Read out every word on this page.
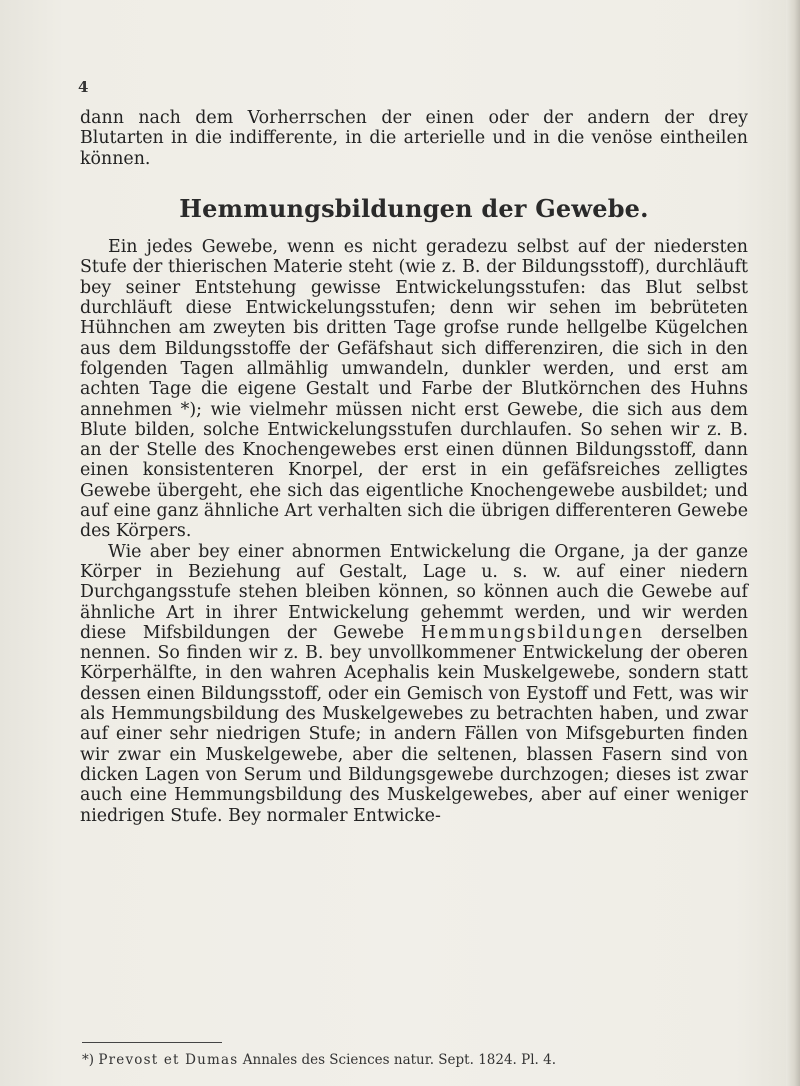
4

dann nach dem Vorherrschen der einen oder der andern der drey Blutarten in die indifferente, in die arterielle und in die venöse eintheilen können.

Hemmungsbildungen der Gewebe.

Ein jedes Gewebe, wenn es nicht geradezu selbst auf der niedersten Stufe der thierischen Materie steht (wie z. B. der Bildungsstoff), durchläuft bey seiner Entstehung gewisse Entwickelungsstufen: das Blut selbst durchläuft diese Entwickelungsstufen; denn wir sehen im bebrüteten Hühnchen am zweyten bis dritten Tage grofse runde hellgelbe Kügelchen aus dem Bildungsstoffe der Gefäfshaut sich differenziren, die sich in den folgenden Tagen allmählig umwandeln, dunkler werden, und erst am achten Tage die eigene Gestalt und Farbe der Blutkörnchen des Huhns annehmen *); wie vielmehr müssen nicht erst Gewebe, die sich aus dem Blute bilden, solche Entwickelungsstufen durchlaufen. So sehen wir z. B. an der Stelle des Knochengewebes erst einen dünnen Bildungsstoff, dann einen konsistenteren Knorpel, der erst in ein gefäfsreiches zelligtes Gewebe übergeht, ehe sich das eigentliche Knochengewebe ausbildet; und auf eine ganz ähnliche Art verhalten sich die übrigen differenteren Gewebe des Körpers.

Wie aber bey einer abnormen Entwickelung die Organe, ja der ganze Körper in Beziehung auf Gestalt, Lage u. s. w. auf einer niedern Durchgangsstufe stehen bleiben können, so können auch die Gewebe auf ähnliche Art in ihrer Entwickelung gehemmt werden, und wir werden diese Mifsbildungen der Gewebe Hemmungsbildungen derselben nennen. So finden wir z. B. bey unvollkommener Entwickelung der oberen Körperhälfte, in den wahren Acephalis kein Muskelgewebe, sondern statt dessen einen Bildungsstoff, oder ein Gemisch von Eystoff und Fett, was wir als Hemmungsbildung des Muskelgewebes zu betrachten haben, und zwar auf einer sehr niedrigen Stufe; in andern Fällen von Mifsgeburten finden wir zwar ein Muskelgewebe, aber die seltenen, blassen Fasern sind von dicken Lagen von Serum und Bildungsgewebe durchzogen; dieses ist zwar auch eine Hemmungsbildung des Muskelgewebes, aber auf einer weniger niedrigen Stufe. Bey normaler Entwicke-

*) Prevost et Dumas Annales des Sciences natur. Sept. 1824. Pl. 4.
